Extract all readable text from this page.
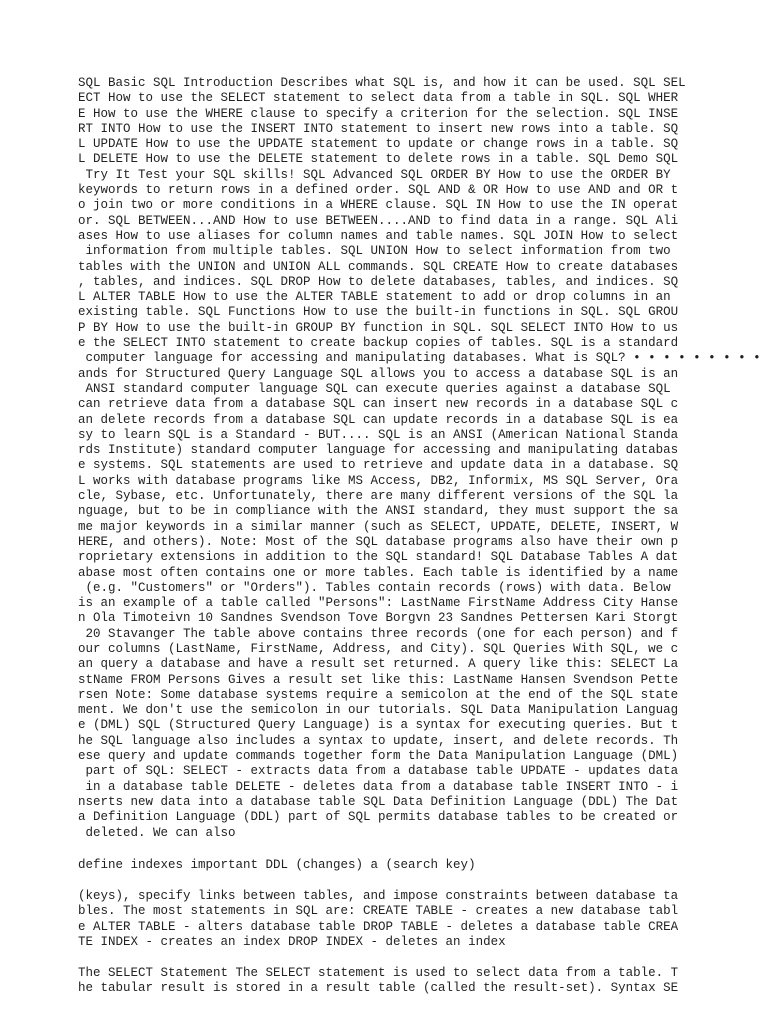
SQL Basic SQL Introduction Describes what SQL is, and how it can be used. SQL SEL
ECT How to use the SELECT statement to select data from a table in SQL. SQL WHER
E How to use the WHERE clause to specify a criterion for the selection. SQL INSE
RT INTO How to use the INSERT INTO statement to insert new rows into a table. SQ
L UPDATE How to use the UPDATE statement to update or change rows in a table. SQ
L DELETE How to use the DELETE statement to delete rows in a table. SQL Demo SQL
Try It Test your SQL skills! SQL Advanced SQL ORDER BY How to use the ORDER BY
keywords to return rows in a defined order. SQL AND & OR How to use AND and OR t
o join two or more conditions in a WHERE clause. SQL IN How to use the IN operat
or. SQL BETWEEN...AND How to use BETWEEN....AND to find data in a range. SQL Ali
ases How to use aliases for column names and table names. SQL JOIN How to select
information from multiple tables. SQL UNION How to select information from two
tables with the UNION and UNION ALL commands. SQL CREATE How to create databases
, tables, and indices. SQL DROP How to delete databases, tables, and indices. SQ
L ALTER TABLE How to use the ALTER TABLE statement to add or drop columns in an
existing table. SQL Functions How to use the built-in functions in SQL. SQL GROU
P BY How to use the built-in GROUP BY function in SQL. SQL SELECT INTO How to us
e the SELECT INTO statement to create backup copies of tables. SQL is a standard
computer language for accessing and manipulating databases. What is SQL? • • • • • • • • •
ands for Structured Query Language SQL allows you to access a database SQL is an
ANSI standard computer language SQL can execute queries against a database SQL
can retrieve data from a database SQL can insert new records in a database SQL c
an delete records from a database SQL can update records in a database SQL is ea
sy to learn SQL is a Standard - BUT.... SQL is an ANSI (American National Standa
rds Institute) standard computer language for accessing and manipulating databas
e systems. SQL statements are used to retrieve and update data in a database. SQ
L works with database programs like MS Access, DB2, Informix, MS SQL Server, Ora
cle, Sybase, etc. Unfortunately, there are many different versions of the SQL la
nguage, but to be in compliance with the ANSI standard, they must support the sa
me major keywords in a similar manner (such as SELECT, UPDATE, DELETE, INSERT, W
HERE, and others). Note: Most of the SQL database programs also have their own p
roprietary extensions in addition to the SQL standard! SQL Database Tables A dat
abase most often contains one or more tables. Each table is identified by a name
(e.g. "Customers" or "Orders"). Tables contain records (rows) with data. Below
is an example of a table called "Persons": LastName FirstName Address City Hanse
n Ola Timoteivn 10 Sandnes Svendson Tove Borgvn 23 Sandnes Pettersen Kari Storgt
20 Stavanger The table above contains three records (one for each person) and f
our columns (LastName, FirstName, Address, and City). SQL Queries With SQL, we c
an query a database and have a result set returned. A query like this: SELECT La
stName FROM Persons Gives a result set like this: LastName Hansen Svendson Pette
rsen Note: Some database systems require a semicolon at the end of the SQL state
ment. We don't use the semicolon in our tutorials. SQL Data Manipulation Languag
e (DML) SQL (Structured Query Language) is a syntax for executing queries. But t
he SQL language also includes a syntax to update, insert, and delete records. Th
ese query and update commands together form the Data Manipulation Language (DML)
part of SQL: SELECT - extracts data from a database table UPDATE - updates data
in a database table DELETE - deletes data from a database table INSERT INTO - i
nserts new data into a database table SQL Data Definition Language (DDL) The Dat
a Definition Language (DDL) part of SQL permits database tables to be created or
deleted. We can also
define indexes important DDL (changes) a (search key)
(keys), specify links between tables, and impose constraints between database ta
bles. The most statements in SQL are: CREATE TABLE - creates a new database tabl
e ALTER TABLE - alters database table DROP TABLE - deletes a database table CREA
TE INDEX - creates an index DROP INDEX - deletes an index
The SELECT Statement The SELECT statement is used to select data from a table. T
he tabular result is stored in a result table (called the result-set). Syntax SE
